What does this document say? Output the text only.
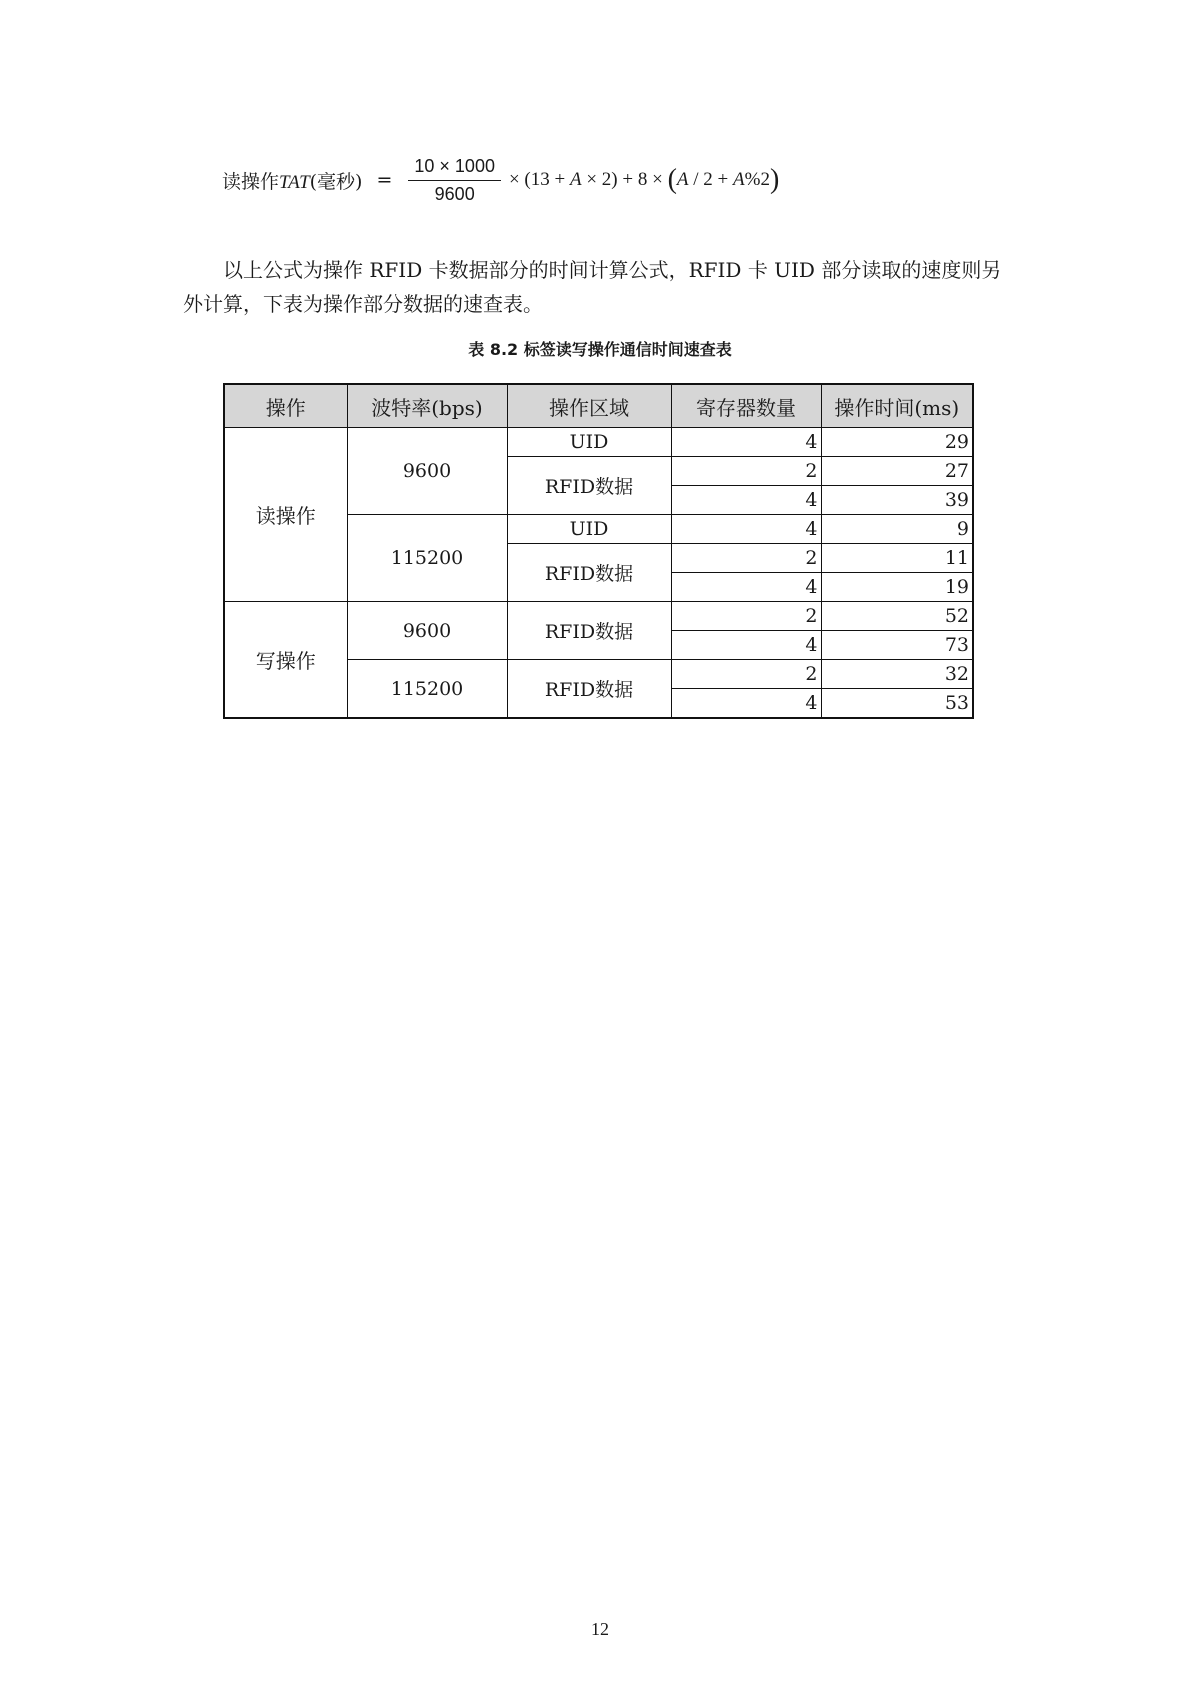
读操作TAT(毫秒) = $\frac{10 \times 1000}{9600} \times (13 + A \times 2) + 8 \times (A / 2 + A\%2)$
以上公式为操作 RFID 卡数据部分的时间计算公式，RFID 卡 UID 部分读取的速度则另
外计算，下表为操作部分数据的速查表。
表 8.2 标签读写操作通信时间速查表
操作	波特率(bps)	操作区域	寄存器数量	操作时间(ms)
读操作	9600	UID	4	29
		RFID数据	2	27
			4	39
	115200	UID	4	9
		RFID数据	2	11
			4	19
写操作	9600	RFID数据	2	52
			4	73
	115200	RFID数据	2	32
			4	53
12
